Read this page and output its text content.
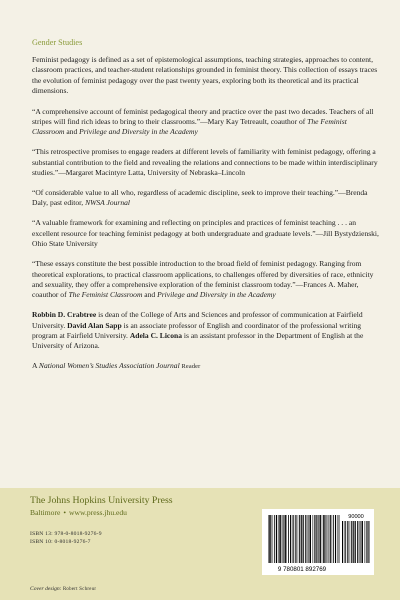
Gender Studies

Feminist pedagogy is defined as a set of epistemological assumptions, teaching strategies, approaches to content, classroom practices, and teacher-student relationships grounded in feminist theory. This collection of essays traces the evolution of feminist pedagogy over the past twenty years, exploring both its theoretical and its practical dimensions.

“A comprehensive account of feminist pedagogical theory and practice over the past two decades. Teachers of all stripes will find rich ideas to bring to their classrooms.”—Mary Kay Tetreault, coauthor of The Feminist Classroom and Privilege and Diversity in the Academy

“This retrospective promises to engage readers at different levels of familiarity with feminist pedagogy, offering a substantial contribution to the field and revealing the relations and connections to be made within interdisciplinary studies.”—Margaret Macintyre Latta, University of Nebraska–Lincoln

“Of considerable value to all who, regardless of academic discipline, seek to improve their teaching.”—Brenda Daly, past editor, NWSA Journal

“A valuable framework for examining and reflecting on principles and practices of feminist teaching . . . an excellent resource for teaching feminist pedagogy at both undergraduate and graduate levels.”—Jill Bystydzienski, Ohio State University

“These essays constitute the best possible introduction to the broad field of feminist pedagogy. Ranging from theoretical explorations, to practical classroom applications, to challenges offered by diversities of race, ethnicity and sexuality, they offer a comprehensive exploration of the feminist classroom today.”—Frances A. Maher, coauthor of The Feminist Classroom and Privilege and Diversity in the Academy

Robbin D. Crabtree is dean of the College of Arts and Sciences and professor of communication at Fairfield University. David Alan Sapp is an associate professor of English and coordinator of the professional writing program at Fairfield University. Adela C. Licona is an assistant professor in the Department of English at the University of Arizona.

A National Women’s Studies Association Journal Reader
The Johns Hopkins University Press
Baltimore • www.press.jhu.edu
ISBN 13: 978-0-8018-9276-9
ISBN 10: 0-8018-9276-7
Cover design: Robert Schreur
9 780801 892769
90000
